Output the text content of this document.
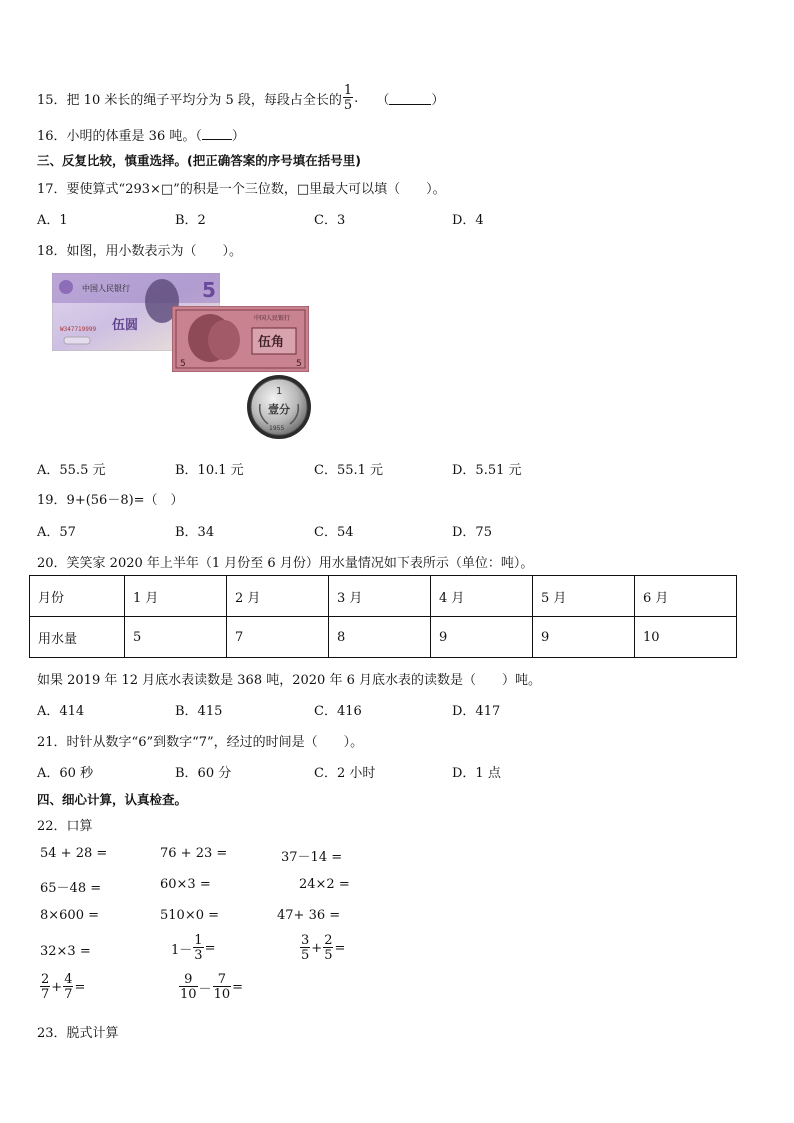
15．把 10 米长的绳子平均分为 5 段，每段占全长的 $\frac{1}{5}$ . （	）
16．小明的体重是 36 吨。（ ）
三、反复比较，慎重选择。(把正确答案的序号填在括号里)
17．要使算式“293×□”的积是一个三位数，□里最大可以填（　　）。
A．1	B．2	C．3	D．4
18．如图，用小数表示为（　　）。
中国人民银行	5
W347719999 伍圆	中国人民银行
伍角
5	5
1
壹分
1955
A．55.5 元	B．10.1 元	C．55.1 元	D．5.51 元
19．9+(56－8)=（　）
A．57	B．34	C．54	D．75
20．笑笑家 2020 年上半年（1 月份至 6 月份）用水量情况如下表所示（单位：吨）。
月份	1 月	2 月	3 月	4 月	5 月	6 月
用水量	5	7	8	9	9	10
如果 2019 年 12 月底水表读数是 368 吨，2020 年 6 月底水表的读数是（　　）吨。
A．414	B．415	C．416	D．417
21．时针从数字“6”到数字“7”，经过的时间是（　　）。
A．60 秒	B．60 分	C．2 小时	D．1 点
四、细心计算，认真检查。
22．口算
54 + 28 =	76 + 23 =	37－14 =
65－48 =	60×3 =	24×2 =
8×600 =	510×0 =	47+ 36 =
32×3 =	$1- \frac{1}{3}$ =	$\frac{3}{5} + \frac{2}{5}$ =
$\frac{2}{7} + \frac{4}{7}$ =	$\frac{9}{10} - \frac{7}{10}$ =
23．脱式计算
